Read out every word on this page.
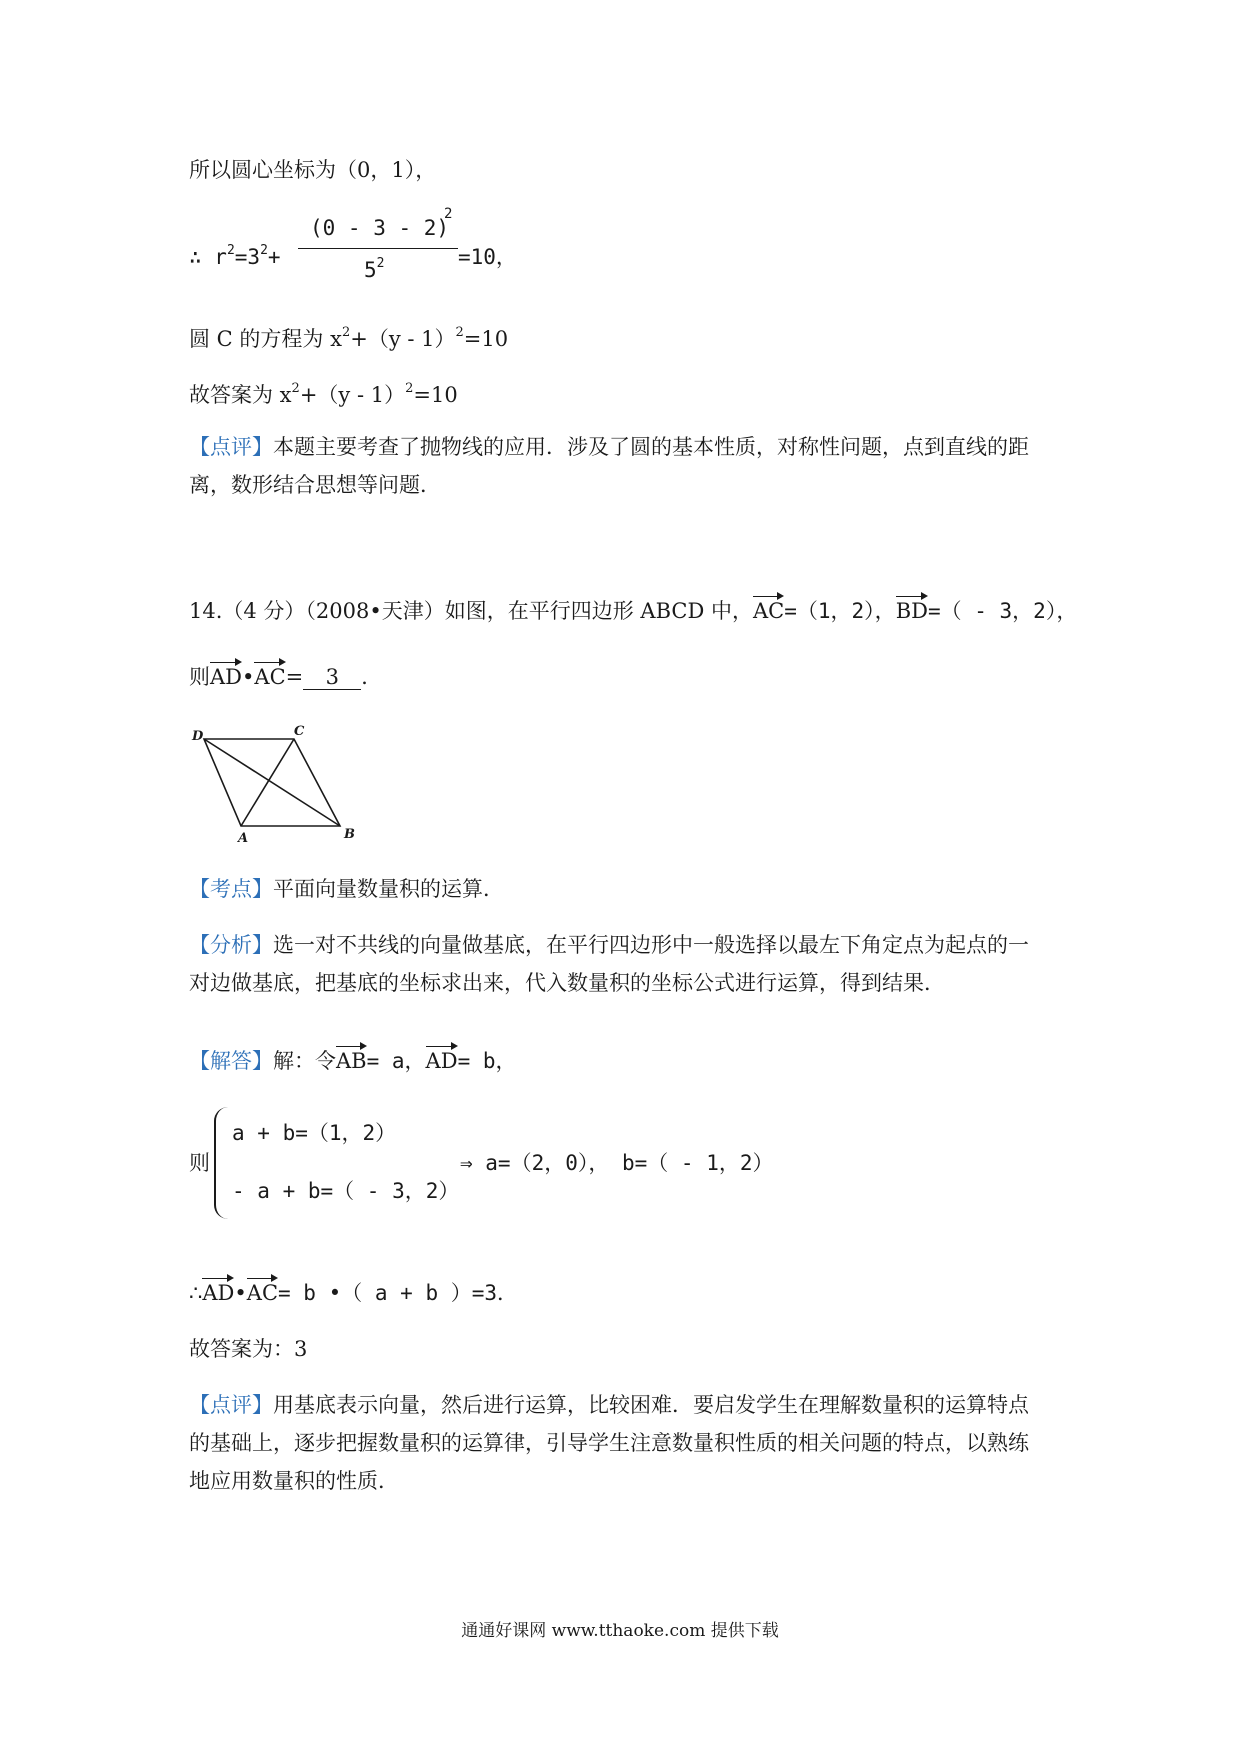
所以圆心坐标为（0，1），
∴ $r^2=3^2+$
(0 - 3 - 2)
2
$5^2$	=10，
圆 C 的方程为 $x^2+(y - 1)^2=10$
故答案为 $x^2+(y - 1)^2=10$
【点评】本题主要考查了抛物线的应用．涉及了圆的基本性质，对称性问题，点到直线的距
离，数形结合思想等问题．
14.（4 分）（2008•天津）如图，在平行四边形 ABCD 中，AC=（1，2），BD=（ - 3，2），
则AD•AC= 3 ．
D	C
A	B
【考点】平面向量数量积的运算．
【分析】选一对不共线的向量做基底，在平行四边形中一般选择以最左下角定点为起点的一
对边做基底，把基底的坐标求出来，代入数量积的坐标公式进行运算，得到结果．
【解答】解：令AB= a，AD= b，
则
a + b=（1，2）
- a + b=（ - 3，2）
⇒ a=（2，0）， b=（ - 1，2）
∴AD•AC= b •（ a + b ）=3．
故答案为：3
【点评】用基底表示向量，然后进行运算，比较困难．要启发学生在理解数量积的运算特点
的基础上，逐步把握数量积的运算律，引导学生注意数量积性质的相关问题的特点，以熟练
地应用数量积的性质．
通通好课网 www.tthaoke.com 提供下载
